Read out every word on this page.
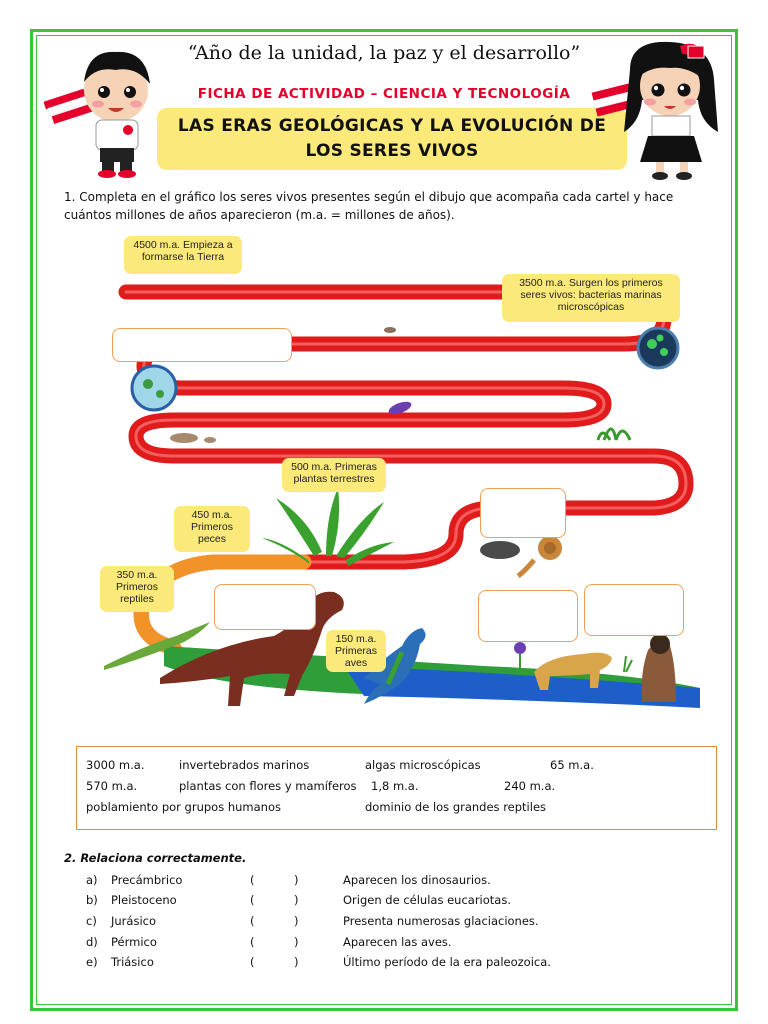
“Año de la unidad, la paz y el desarrollo”
FICHA DE ACTIVIDAD – CIENCIA Y TECNOLOGÍA
LAS ERAS GEOLÓGICAS Y LA EVOLUCIÓN DE
LOS SERES VIVOS
1. Completa en el gráfico los seres vivos presentes según el dibujo que acompaña cada cartel y hace
cuántos millones de años aparecieron (m.a. = millones de años).
4500 m.a. Empieza a
formarse la Tierra
3500 m.a. Surgen los primeros
seres vivos: bacterias marinas
microscópicas
500 m.a. Primeras
plantas terrestres
450 m.a.
Primeros
peces
350 m.a.
Primeros
reptiles
150 m.a.
Primeras
aves
3000 m.a.	invertebrados marinos	algas microscópicas	65 m.a.
570 m.a.	plantas con flores y mamíferos 1,8 m.a.	240 m.a.
poblamiento por grupos humanos	dominio de los grandes reptiles
2. Relaciona correctamente.
a) Precámbrico	(	)	Aparecen los dinosaurios.
b) Pleistoceno	(	)	Origen de células eucariotas.
c) Jurásico	(	)	Presenta numerosas glaciaciones.
d) Pérmico	(	)	Aparecen las aves.
e) Triásico	(	)	Último período de la era paleozoica.
